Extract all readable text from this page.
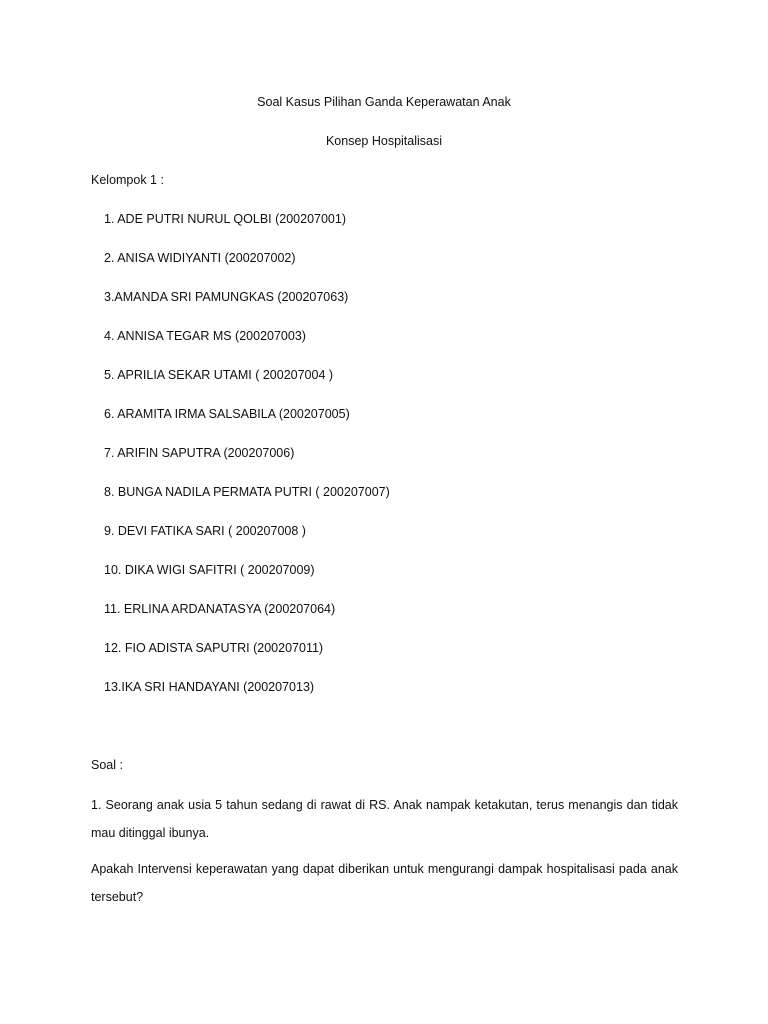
Soal Kasus Pilihan Ganda Keperawatan Anak
Konsep Hospitalisasi
Kelompok 1 :
1. ADE PUTRI NURUL QOLBI (200207001)
2. ANISA WIDIYANTI (200207002)
3.AMANDA SRI PAMUNGKAS (200207063)
4. ANNISA TEGAR MS (200207003)
5. APRILIA SEKAR UTAMI ( 200207004 )
6. ARAMITA IRMA SALSABILA (200207005)
7. ARIFIN SAPUTRA (200207006)
8. BUNGA NADILA PERMATA PUTRI ( 200207007)
9. DEVI FATIKA SARI ( 200207008 )
10. DIKA WIGI SAFITRI ( 200207009)
11. ERLINA ARDANATASYA (200207064)
12. FIO ADISTA SAPUTRI (200207011)
13.IKA SRI HANDAYANI (200207013)
Soal :

1. Seorang anak usia 5 tahun sedang di rawat di RS. Anak nampak ketakutan, terus menangis dan tidak mau ditinggal ibunya.

Apakah Intervensi keperawatan yang dapat diberikan untuk mengurangi dampak hospitalisasi pada anak tersebut?
